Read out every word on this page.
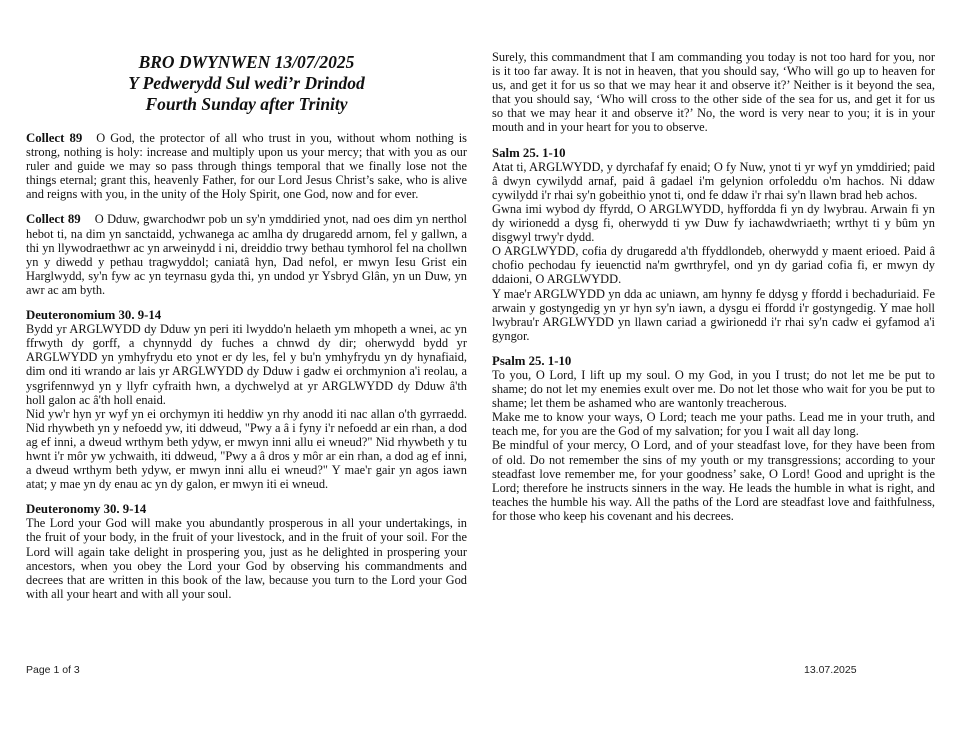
BRO DWYNWEN 13/07/2025
Y Pedwerydd Sul wedi’r Drindod
Fourth Sunday after Trinity

Collect 89 O God, the protector of all who trust in you, without whom nothing is strong, nothing is holy: increase and multiply upon us your mercy; that with you as our ruler and guide we may so pass through things temporal that we finally lose not the things eternal; grant this, heavenly Father, for our Lord Jesus Christ’s sake, who is alive and reigns with you, in the unity of the Holy Spirit, one God, now and for ever.

Collect 89 O Dduw, gwarchodwr pob un sy'n ymddiried ynot, nad oes dim yn nerthol hebot ti, na dim yn sanctaidd, ychwanega ac amlha dy drugaredd arnom, fel y gallwn, a thi yn llywodraethwr ac yn arweinydd i ni, dreiddio trwy bethau tymhorol fel na chollwn yn y diwedd y pethau tragwyddol; caniatâ hyn, Dad nefol, er mwyn Iesu Grist ein Harglwydd, sy'n fyw ac yn teyrnasu gyda thi, yn undod yr Ysbryd Glân, yn un Duw, yn awr ac am byth.

Deuteronomium 30. 9-14

Bydd yr ARGLWYDD dy Dduw yn peri iti lwyddo'n helaeth ym mhopeth a wnei, ac yn ffrwyth dy gorff, a chynnydd dy fuches a chnwd dy dir; oherwydd bydd yr ARGLWYDD yn ymhyfrydu eto ynot er dy les, fel y bu'n ymhyfrydu yn dy hynafiaid, dim ond iti wrando ar lais yr ARGLWYDD dy Dduw i gadw ei orchmynion a'i reolau, a ysgrifennwyd yn y llyfr cyfraith hwn, a dychwelyd at yr ARGLWYDD dy Dduw â'th holl galon ac â'th holl enaid.

Nid yw'r hyn yr wyf yn ei orchymyn iti heddiw yn rhy anodd iti nac allan o'th gyrraedd. Nid rhywbeth yn y nefoedd yw, iti ddweud, "Pwy a â i fyny i'r nefoedd ar ein rhan, a dod ag ef inni, a dweud wrthym beth ydyw, er mwyn inni allu ei wneud?" Nid rhywbeth y tu hwnt i'r môr yw ychwaith, iti ddweud, "Pwy a â dros y môr ar ein rhan, a dod ag ef inni, a dweud wrthym beth ydyw, er mwyn inni allu ei wneud?" Y mae'r gair yn agos iawn atat; y mae yn dy enau ac yn dy galon, er mwyn iti ei wneud.

Deuteronomy 30. 9-14

The Lord your God will make you abundantly prosperous in all your undertakings, in the fruit of your body, in the fruit of your livestock, and in the fruit of your soil. For the Lord will again take delight in prospering you, just as he delighted in prospering your ancestors, when you obey the Lord your God by observing his commandments and decrees that are written in this book of the law, because you turn to the Lord your God with all your heart and with all your soul.

Surely, this commandment that I am commanding you today is not too hard for you, nor is it too far away. It is not in heaven, that you should say, ‘Who will go up to heaven for us, and get it for us so that we may hear it and observe it?’ Neither is it beyond the sea, that you should say, ‘Who will cross to the other side of the sea for us, and get it for us so that we may hear it and observe it?’ No, the word is very near to you; it is in your mouth and in your heart for you to observe.

Salm 25. 1-10

Atat ti, ARGLWYDD, y dyrchafaf fy enaid; O fy Nuw, ynot ti yr wyf yn ymddiried; paid â dwyn cywilydd arnaf, paid â gadael i'm gelynion orfoleddu o'm hachos. Ni ddaw cywilydd i'r rhai sy'n gobeithio ynot ti, ond fe ddaw i'r rhai sy'n llawn brad heb achos.

Gwna imi wybod dy ffyrdd, O ARGLWYDD, hyfforddа fi yn dy lwybrau. Arwain fi yn dy wirionedd a dysg fi, oherwydd ti yw Duw fy iachawdwriaeth; wrthyt ti y bûm yn disgwyl trwy'r dydd.

O ARGLWYDD, cofia dy drugaredd a'th ffyddlondeb, oherwydd y maent erioed. Paid â chofio pechodau fy ieuenctid na'm gwrthryfel, ond yn dy gariad cofia fi, er mwyn dy ddaioni, O ARGLWYDD.

Y mae'r ARGLWYDD yn dda ac uniawn, am hynny fe ddysg y ffordd i bechaduriaid. Fe arwain y gostyngedig yn yr hyn sy'n iawn, a dysgu ei ffordd i'r gostyngedig. Y mae holl lwybrau'r ARGLWYDD yn llawn cariad a gwirionedd i'r rhai sy'n cadw ei gyfamod a'i gyngor.

Psalm 25. 1-10

To you, O Lord, I lift up my soul. O my God, in you I trust; do not let me be put to shame; do not let my enemies exult over me. Do not let those who wait for you be put to shame; let them be ashamed who are wantonly treacherous.

Make me to know your ways, O Lord; teach me your paths. Lead me in your truth, and teach me, for you are the God of my salvation; for you I wait all day long.

Be mindful of your mercy, O Lord, and of your steadfast love, for they have been from of old. Do not remember the sins of my youth or my transgressions; according to your steadfast love remember me, for your goodness’ sake, O Lord! Good and upright is the Lord; therefore he instructs sinners in the way. He leads the humble in what is right, and teaches the humble his way. All the paths of the Lord are steadfast love and faithfulness, for those who keep his covenant and his decrees.

Page 1 of 3	13.07.2025
